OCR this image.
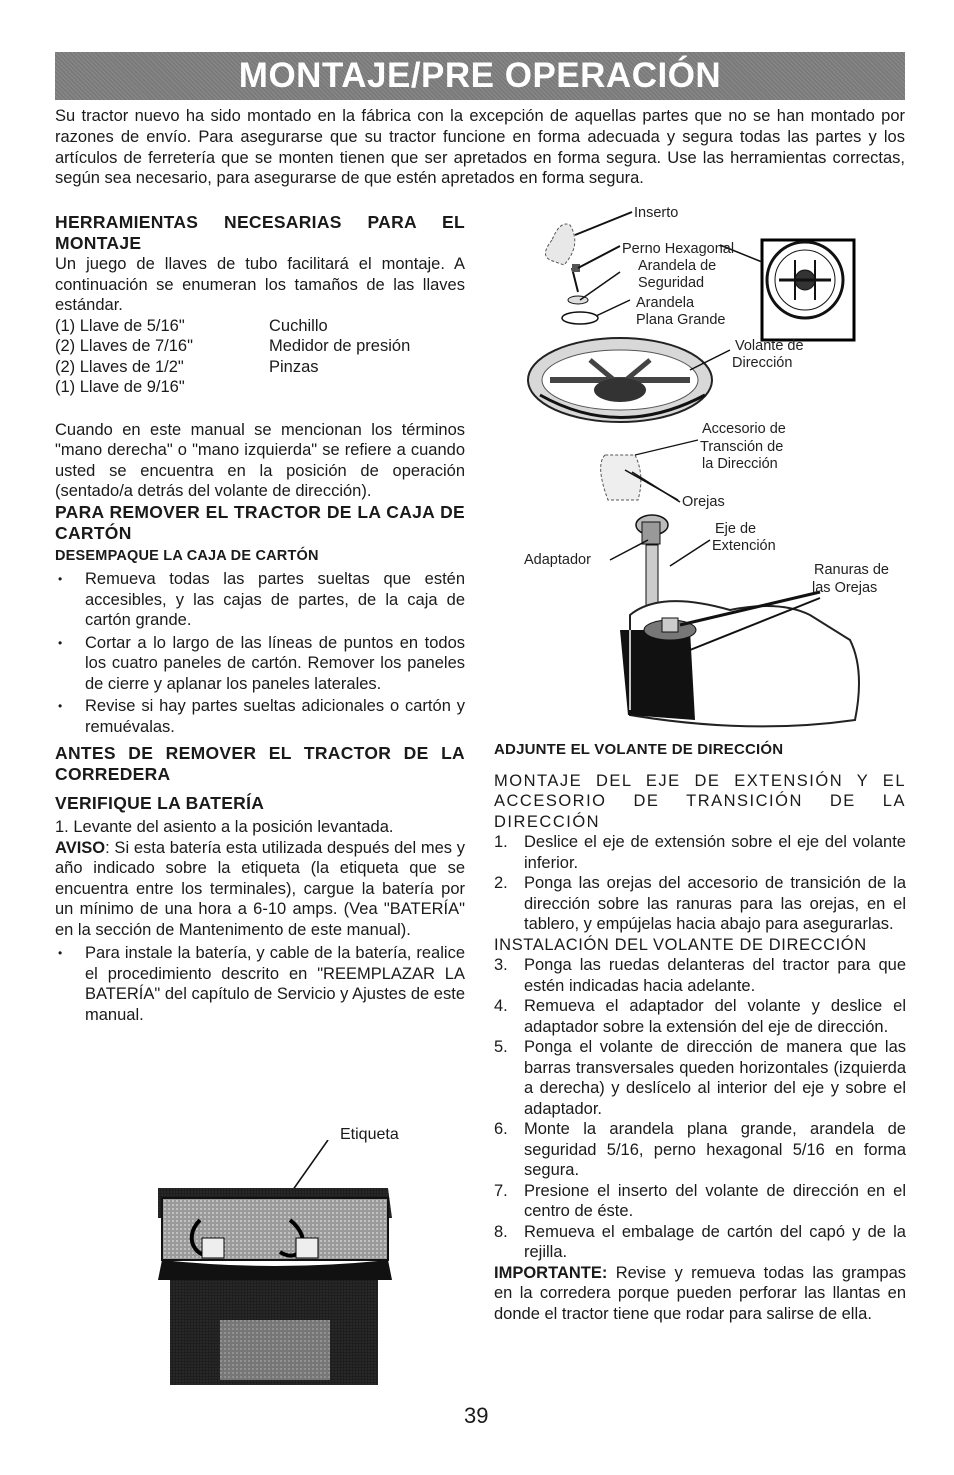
MONTAJE/PRE OPERACIÓN

Su tractor nuevo ha sido montado en la fábrica con la excepción de aquellas partes que no se han montado por razones de envío. Para asegurarse que su tractor funcione en forma adecuada y segura todas las partes y los artículos de ferretería que se monten tienen que ser apretados en forma segura. Use las herramientas correctas, según sea necesario, para asegurarse de que estén apretados en forma segura.

HERRAMIENTAS NECESARIAS PARA EL MONTAJE

Un juego de llaves de tubo facilitará el montaje. A continuación se enumeran los tamaños de las llaves estándar.

(1) Llave de 5/16"	Cuchillo
(2) Llaves de 7/16"	Medidor de presión
(2) Llaves de 1/2"	Pinzas
(1) Llave de 9/16"

Cuando en este manual se mencionan los términos "mano derecha" o "mano izquierda" se refiere a cuando usted se encuentra en la posición de operación (sentado/a detrás del volante de dirección).

PARA REMOVER EL TRACTOR DE LA CAJA DE CARTÓN
DESEMPAQUE LA CAJA DE CARTÓN
• Remueva todas las partes sueltas que estén accesibles, y las cajas de partes, de la caja de cartón grande.
• Cortar a lo largo de las líneas de puntos en todos los cuatro paneles de cartón. Remover los paneles de cierre y aplanar los paneles laterales.
• Revise si hay partes sueltas adicionales o cartón y remuévalas.
ANTES DE REMOVER EL TRACTOR DE LA CORREDERA
VERIFIQUE LA BATERÍA

1. Levante del asiento a la posición levantada.

AVISO: Si esta batería esta utilizada después del mes y año indicado sobre la etiqueta (la etiqueta que se encuentra entre los terminales), cargue la batería por un mínimo de una hora a 6-10 amps. (Vea "BATERÍA" en la sección de Mantenimento de este manual).

• Para instale la batería, y cable de la batería, realice el procedimiento descrito en "REEMPLAZAR LA BATERÍA" del capítulo de Servicio y Ajustes de este manual.
Etiqueta
Inserto
Perno Hexagonal
Arandela de
Seguridad
Arandela
Plana Grande
Volante de
Dirección
Accesorio de
Transción de
la Dirección
Orejas
Eje de
Extención
Adaptador
Ranuras de
las Orejas
ADJUNTE EL VOLANTE DE DIRECCIÓN

MONTAJE DEL EJE DE EXTENSIÓN Y EL ACCESORIO DE TRANSICIÓN DE LA DIRECCIÓN

1. Deslice el eje de extensión sobre el eje del volante inferior.
2. Ponga las orejas del accesorio de transición de la dirección sobre las ranuras para las orejas, en el tablero, y empújelas hacia abajo para asegurarlas.

INSTALACIÓN DEL VOLANTE DE DIRECCIÓN

3. Ponga las ruedas delanteras del tractor para que estén indicadas hacia adelante.
4. Remueva el adaptador del volante y deslice el adaptador sobre la extensión del eje de dirección.
5. Ponga el volante de dirección de manera que las barras transversales queden horizontales (izquierda a derecha) y deslícelo al interior del eje y sobre el adaptador.
6. Monte la arandela plana grande, arandela de seguridad 5/16, perno hexagonal 5/16 en forma segura.
7. Presione el inserto del volante de dirección en el centro de éste.
8. Remueva el embalage de cartón del capó y de la rejilla.

IMPORTANTE: Revise y remueva todas las grampas en la corredera porque pueden perforar las llantas en donde el tractor tiene que rodar para salirse de ella.

39
